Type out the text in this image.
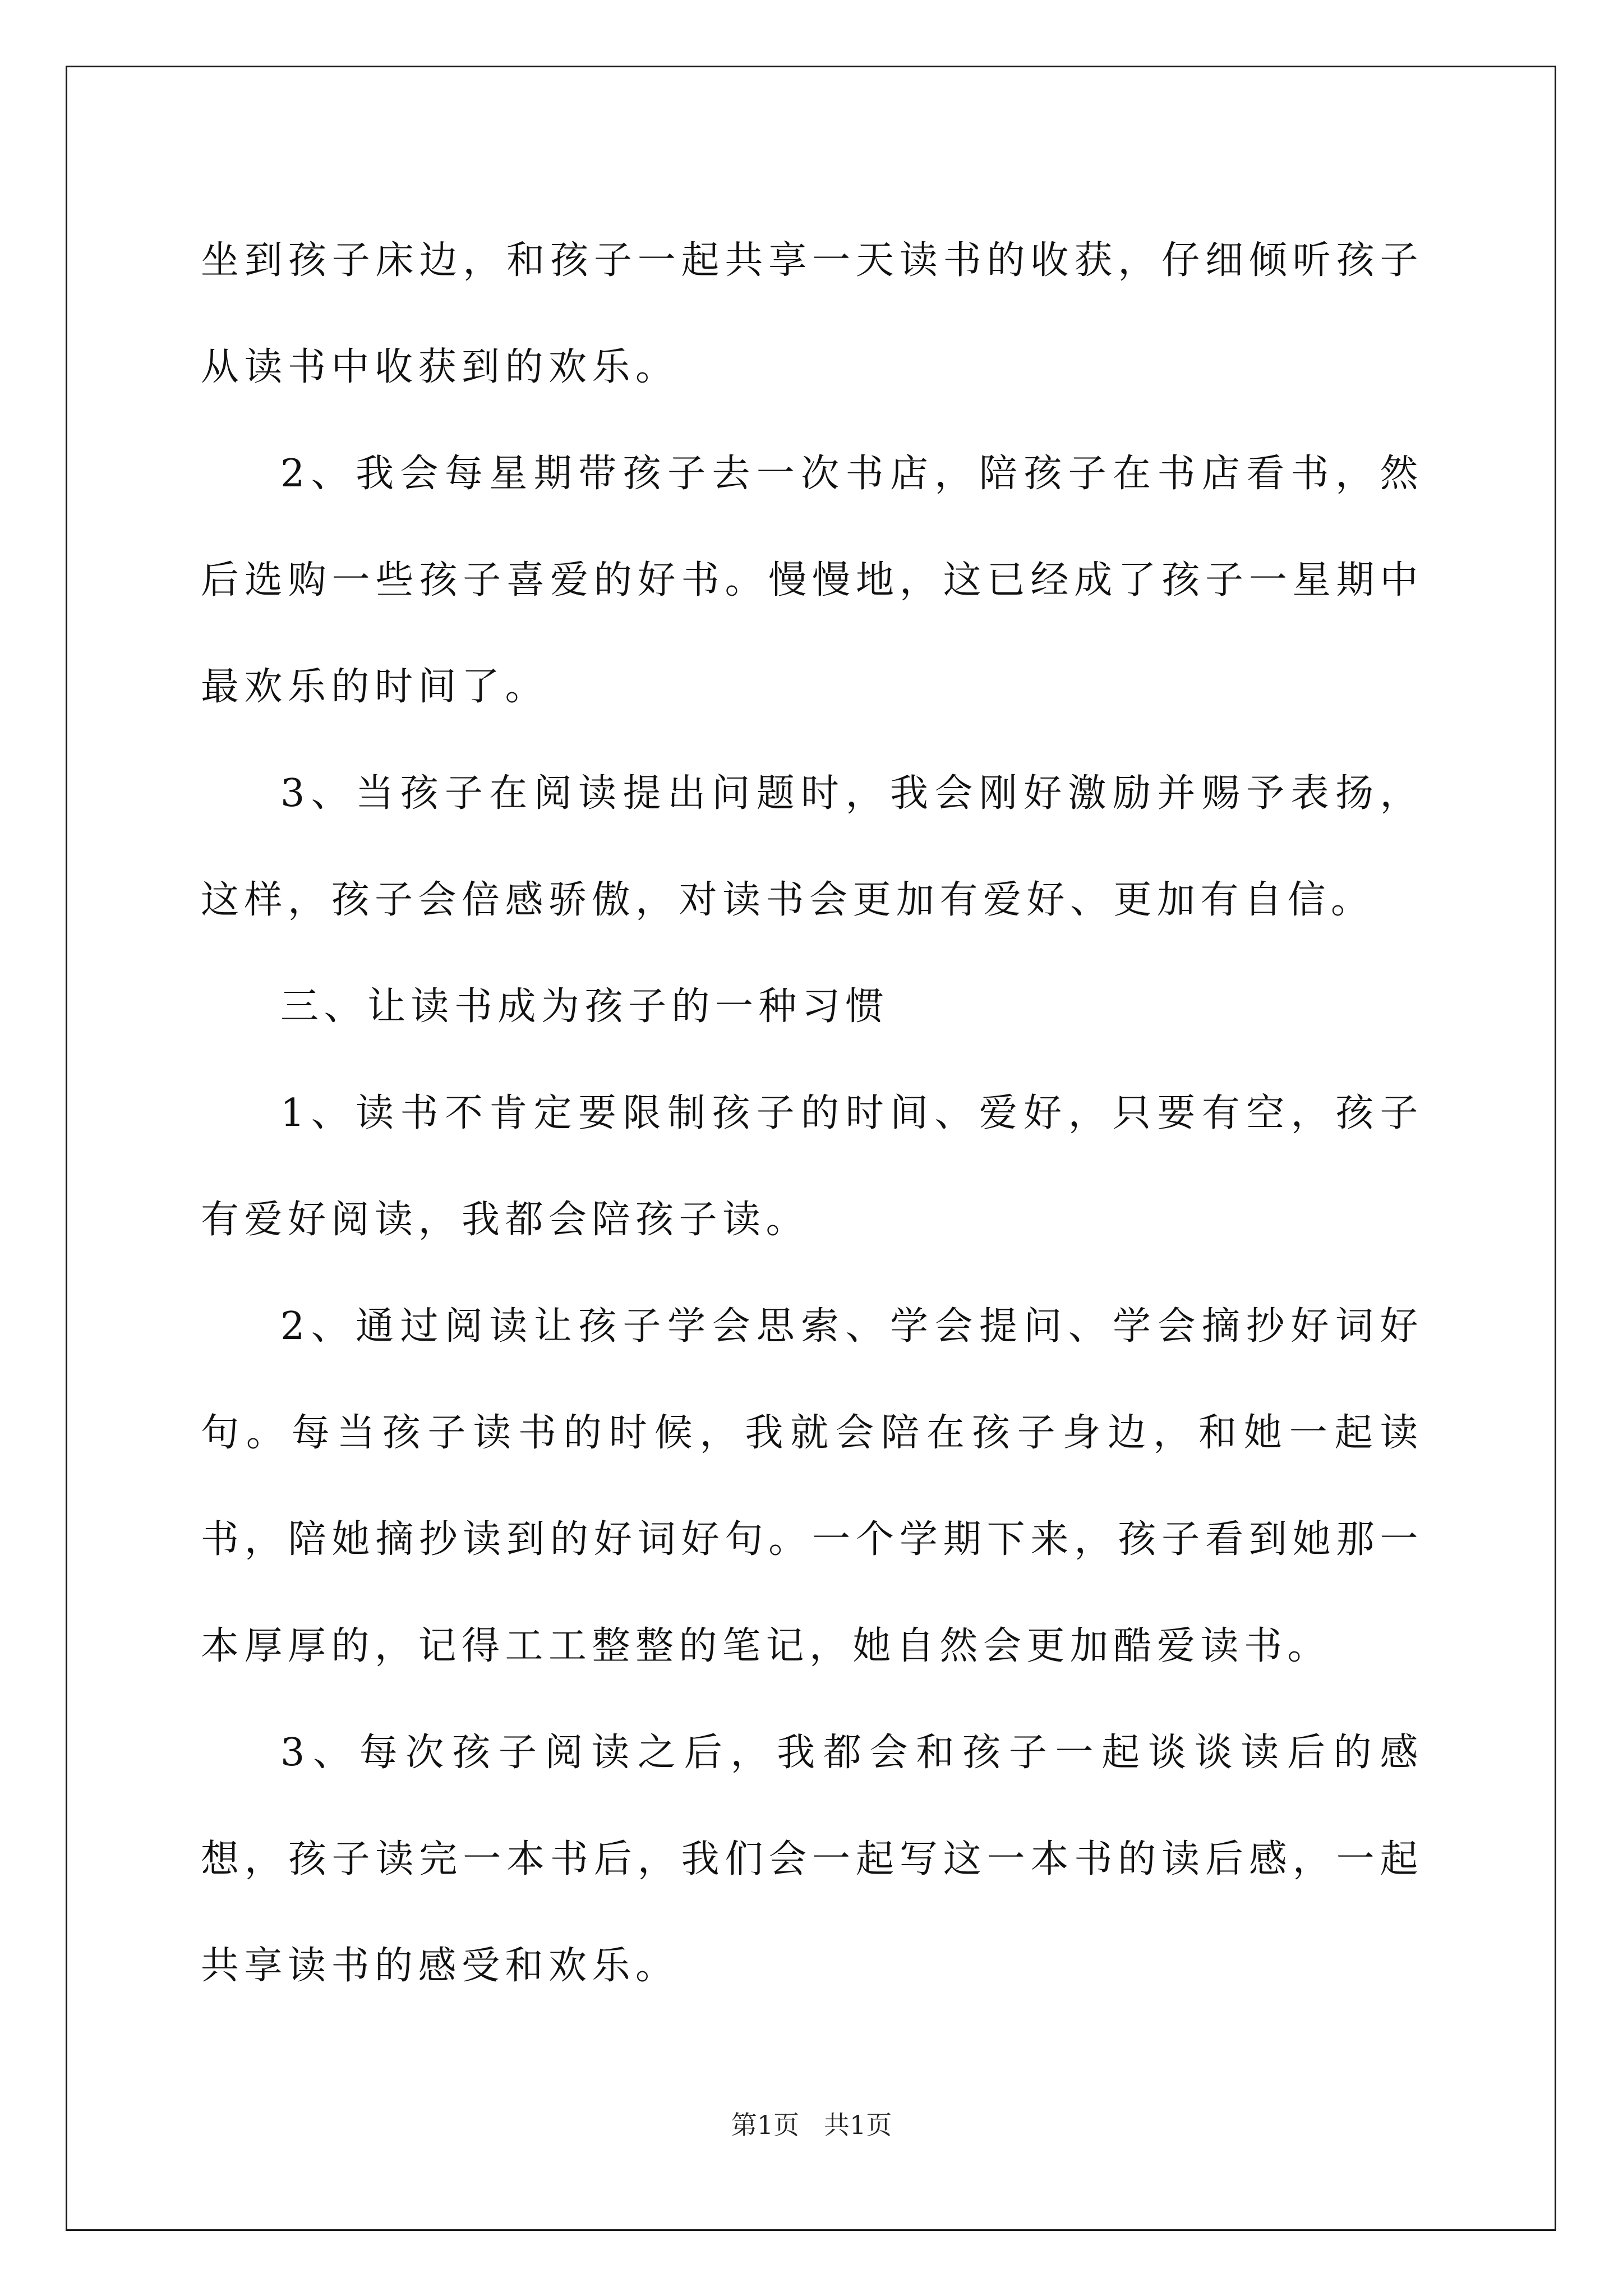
坐到孩子床边，和孩子一起共享一天读书的收获，仔细倾听孩子从读书中收获到的欢乐。

2、我会每星期带孩子去一次书店，陪孩子在书店看书，然后选购一些孩子喜爱的好书。慢慢地，这已经成了孩子一星期中最欢乐的时间了。

3、当孩子在阅读提出问题时，我会刚好激励并赐予表扬，这样，孩子会倍感骄傲，对读书会更加有爱好、更加有自信。

三、让读书成为孩子的一种习惯

1、读书不肯定要限制孩子的时间、爱好，只要有空，孩子有爱好阅读，我都会陪孩子读。

2、通过阅读让孩子学会思索、学会提问、学会摘抄好词好句。每当孩子读书的时候，我就会陪在孩子身边，和她一起读书，陪她摘抄读到的好词好句。一个学期下来，孩子看到她那一本厚厚的，记得工工整整的笔记，她自然会更加酷爱读书。

3、每次孩子阅读之后，我都会和孩子一起谈谈读后的感想，孩子读完一本书后，我们会一起写这一本书的读后感，一起共享读书的感受和欢乐。

第1页 共1页
